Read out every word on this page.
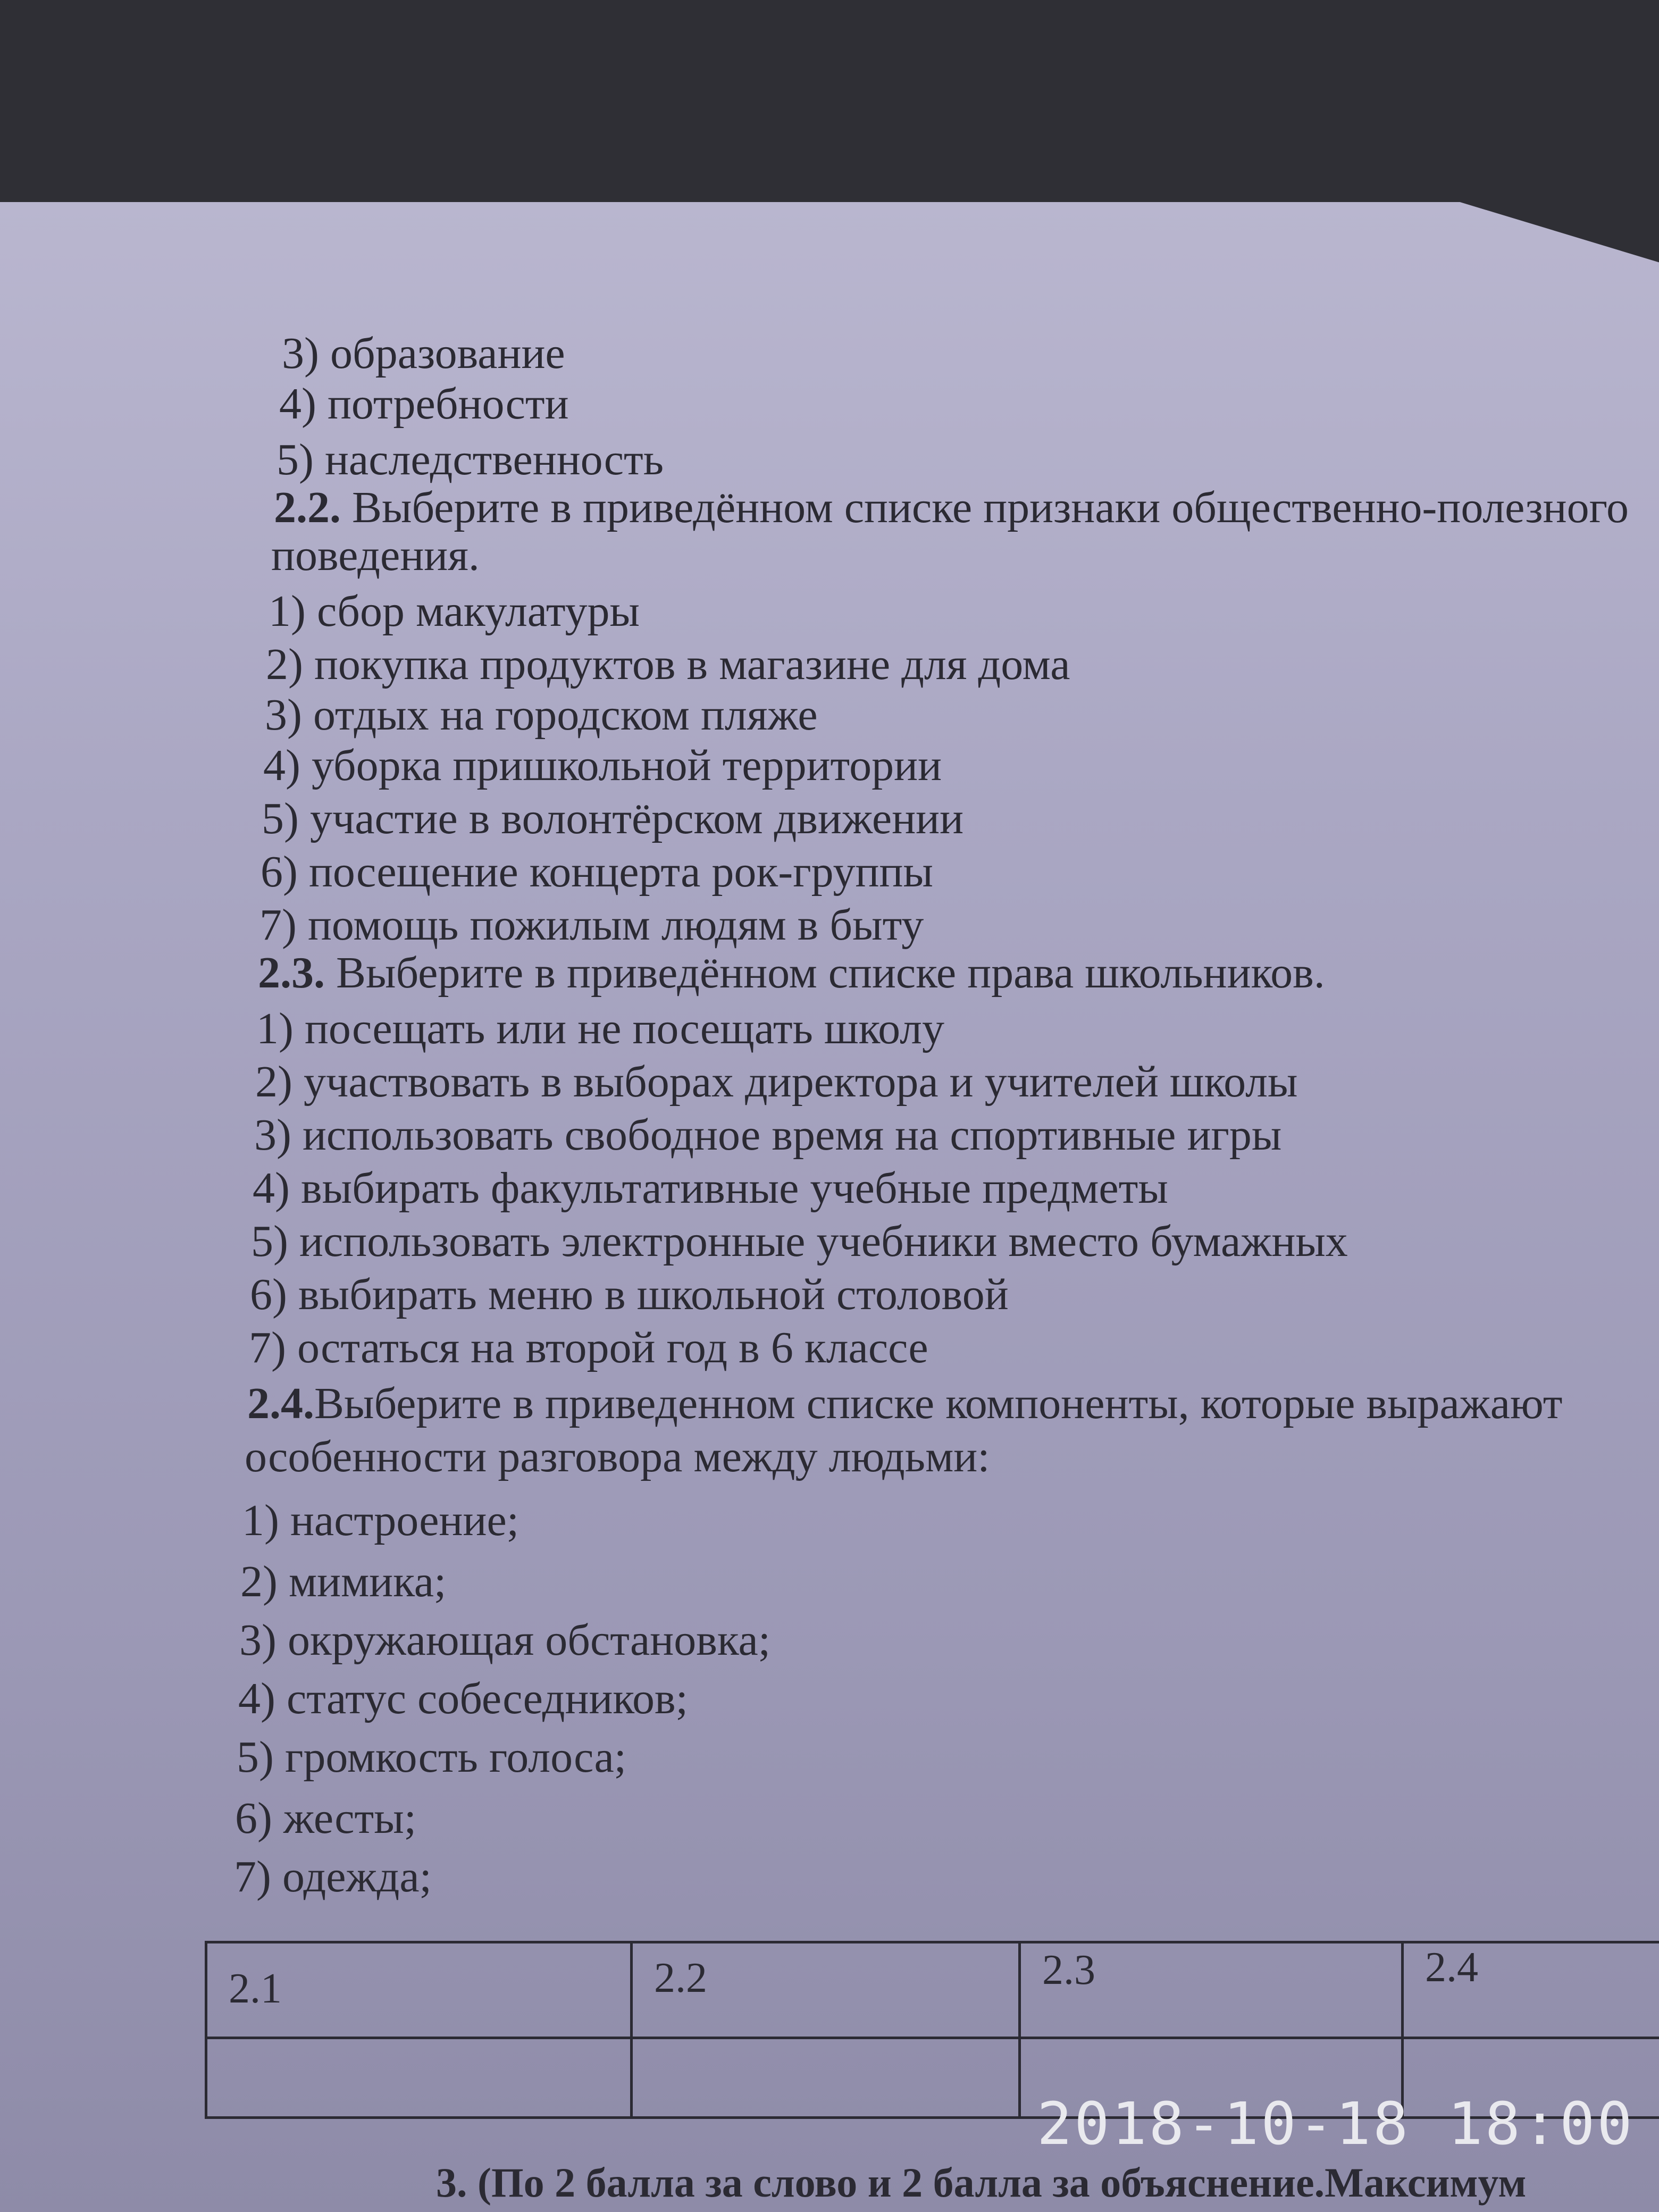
3) образование
4) потребности
5) наследственность
2.2. Выберите в приведённом списке признаки общественно-полезного
поведения.
1) сбор макулатуры
2) покупка продуктов в магазине для дома
3) отдых на городском пляже
4) уборка пришкольной территории
5) участие в волонтёрском движении
6) посещение концерта рок-группы
7) помощь пожилым людям в быту
2.3. Выберите в приведённом списке права школьников.
1) посещать или не посещать школу
2) участвовать в выборах директора и учителей школы
3) использовать свободное время на спортивные игры
4) выбирать факультативные учебные предметы
5) использовать электронные учебники вместо бумажных
6) выбирать меню в школьной столовой
7) остаться на второй год в 6 классе
2.4.Выберите в приведенном списке компоненты, которые выражают
особенности разговора между людьми:
1) настроение;
2) мимика;
3) окружающая обстановка;
4) статус собеседников;
5) громкость голоса;
6) жесты;
7) одежда;
2.1	2.2	2.3	2.4
2018-10-18 18:00
3. (По 2 балла за слово и 2 балла за объяснение.Максимум
